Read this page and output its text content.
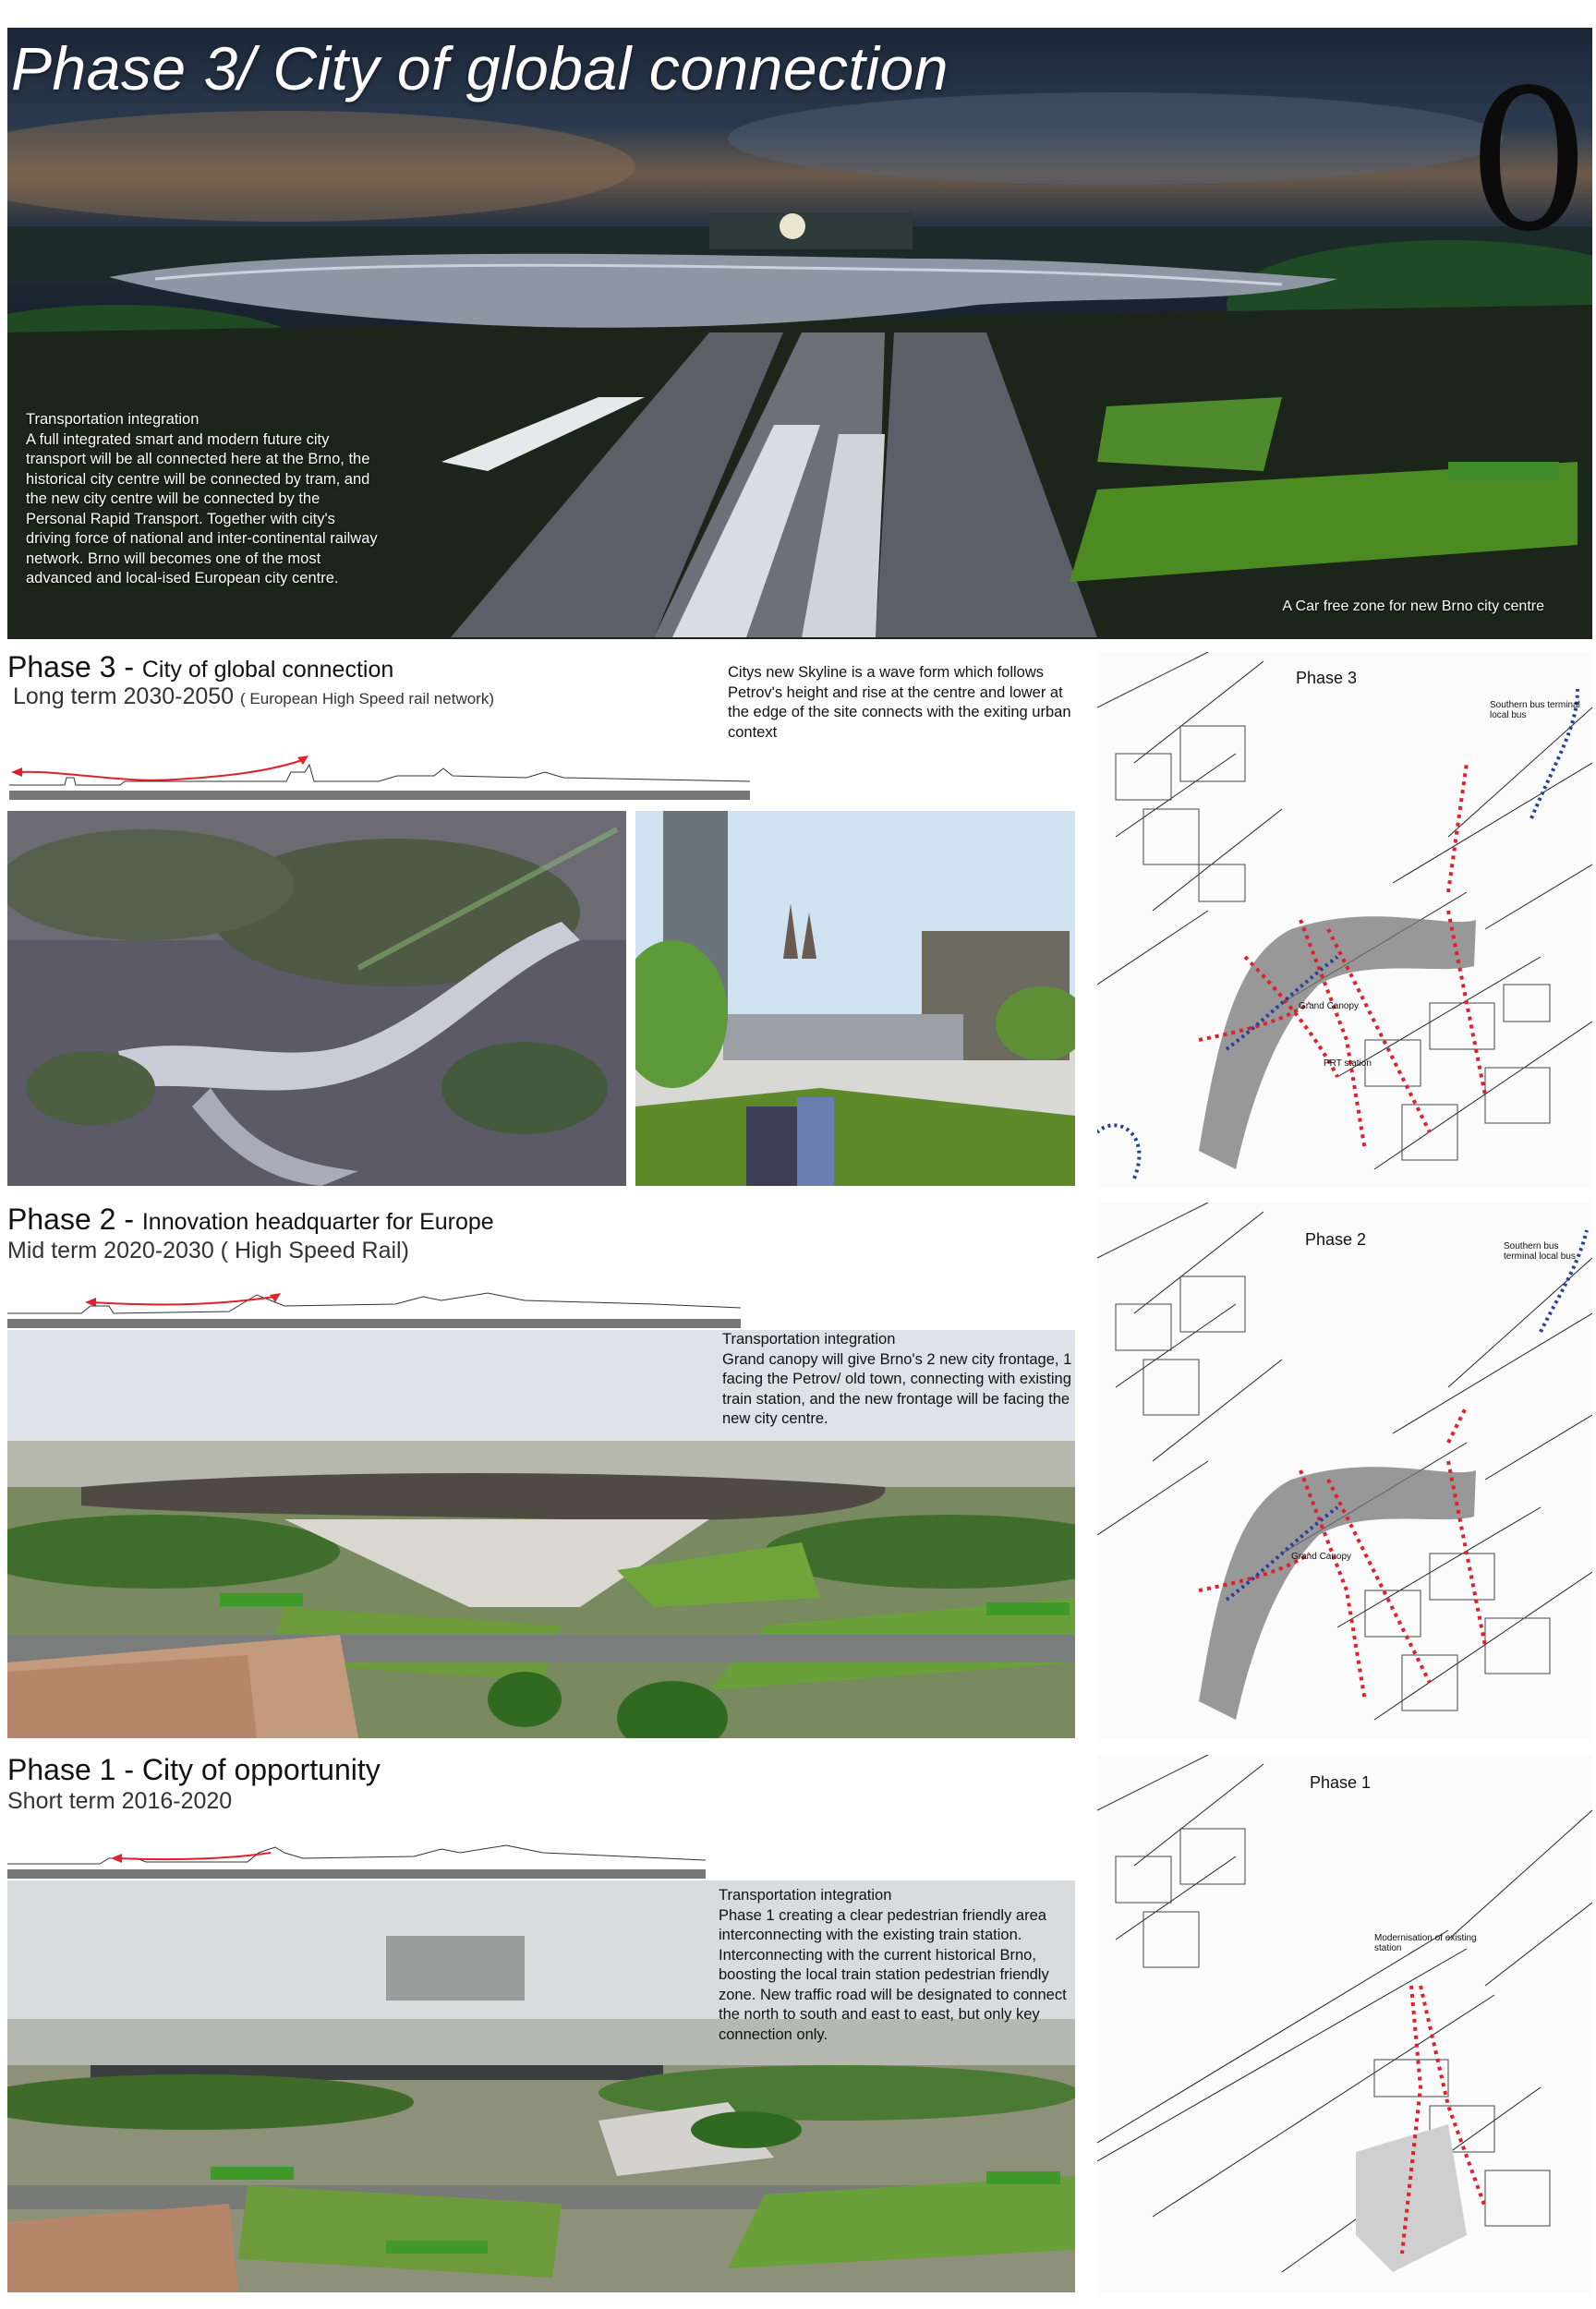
Phase 3/ City of global connection	0
Transportation integration
A full integrated smart and modern future city transport will be all connected here at the Brno, the historical city centre will be connected by tram, and the new city centre will be connected by the Personal Rapid Transport. Together with city's driving force of national and inter-continental railway network. Brno will becomes one of the most advanced and local-ised European city centre.
A Car free zone for new Brno city centre
Phase 3 - City of global connection
Long term 2030-2050 ( European High Speed rail network)
Citys new Skyline is a wave form which follows Petrov's height and rise at the centre and lower at the edge of the site connects with the exiting urban context
Phase 3
Southern bus terminal local bus
Grand Canopy
PRT station
Phase 2 - Innovation headquarter for Europe
Mid term 2020-2030 ( High Speed Rail)
Transportation integration
Grand canopy will give Brno's 2 new city frontage, 1 facing the Petrov/ old town, connecting with existing train station, and the new frontage will be facing the new city centre.
Phase 2	Southern bus terminal local bus
Grand Canopy
Phase 1 - City of opportunity
Short term 2016-2020
Transportation integration
Phase 1 creating a clear pedestrian friendly area interconnecting with the existing train station. Interconnecting with the current historical Brno, boosting the local train station pedestrian friendly zone. New traffic road will be designated to connect the north to south and east to east, but only key connection only.
Phase 1
Modernisation of existing station
